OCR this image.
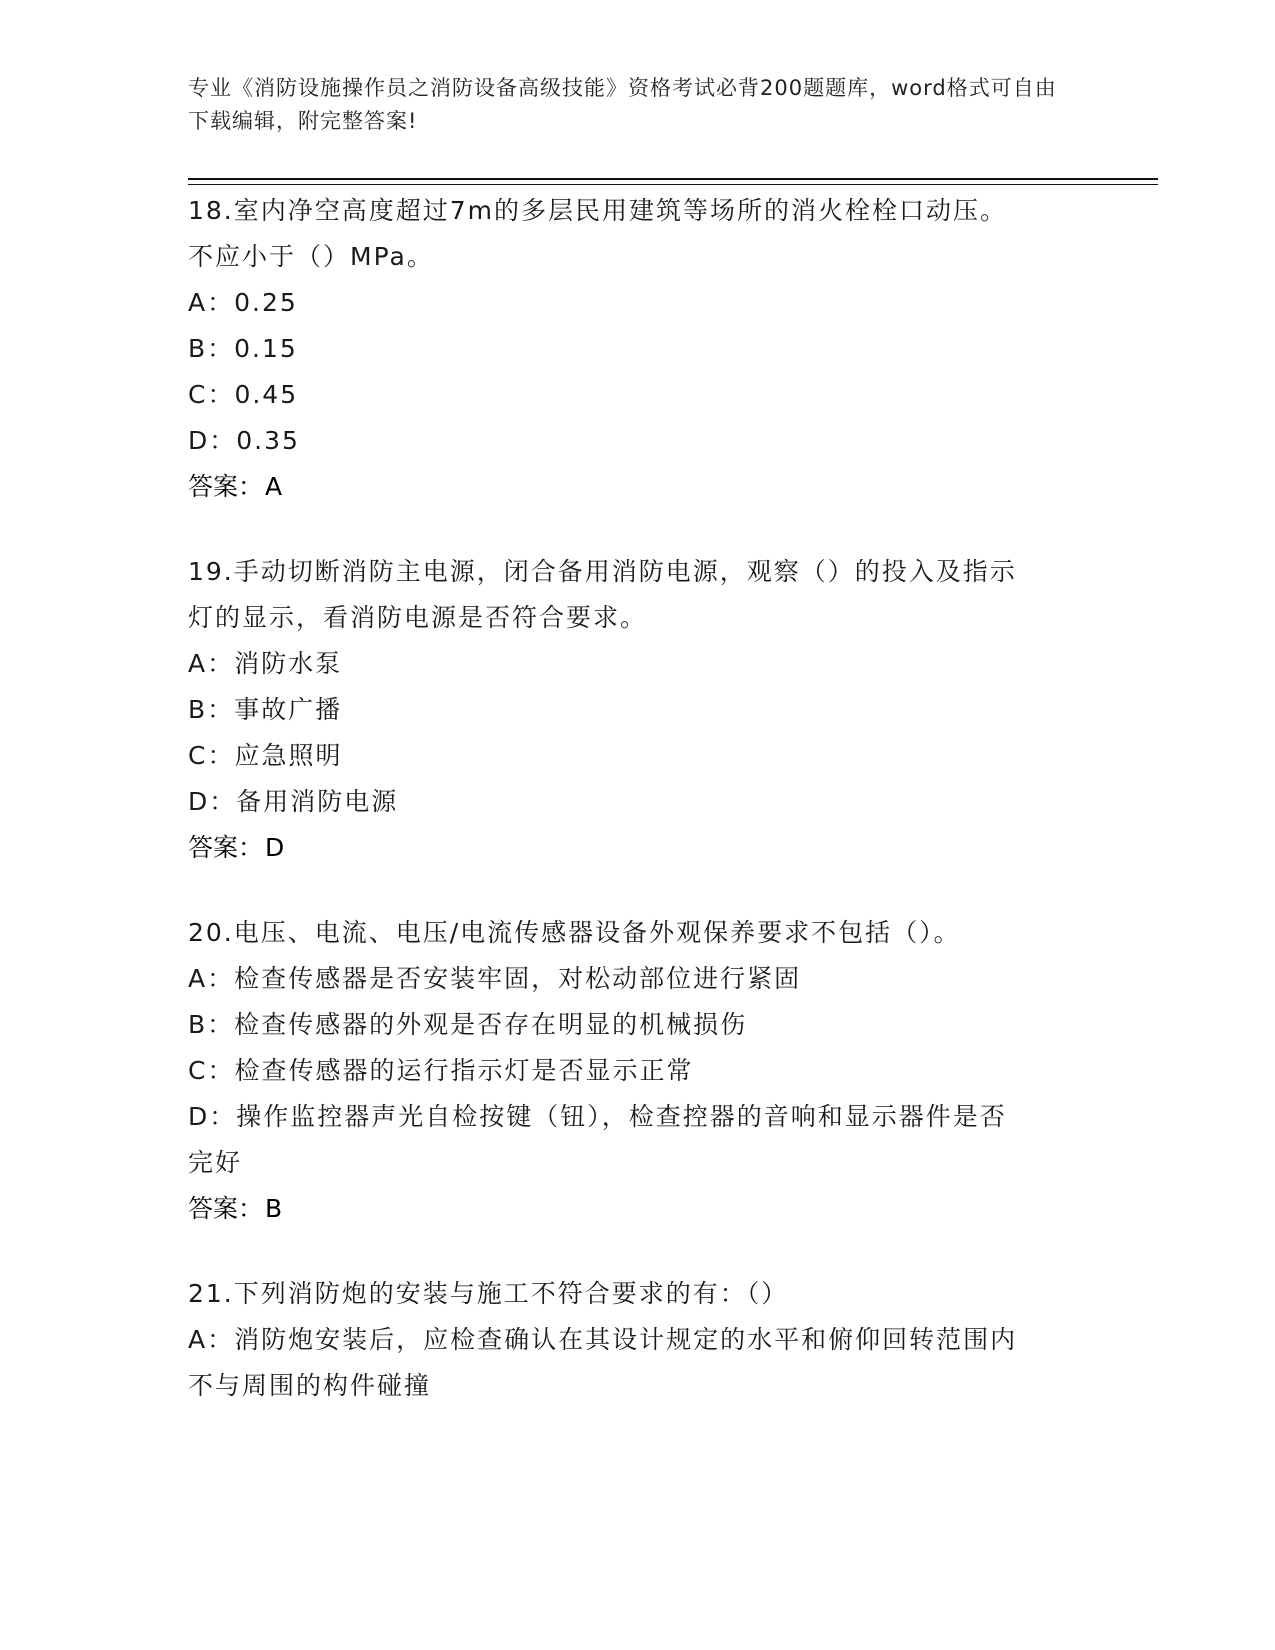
专业《消防设施操作员之消防设备高级技能》资格考试必背200题题库，word格式可自由下载编辑，附完整答案!
18.室内净空高度超过7m的多层民用建筑等场所的消火栓栓口动压。
不应小于（）MPa。
A：0.25
B：0.15
C：0.45
D：0.35
答案：A
19.手动切断消防主电源，闭合备用消防电源，观察（）的投入及指示
灯的显示，看消防电源是否符合要求。
A：消防水泵
B：事故广播
C：应急照明
D：备用消防电源
答案：D
20.电压、电流、电压/电流传感器设备外观保养要求不包括（）。
A：检查传感器是否安装牢固，对松动部位进行紧固
B：检查传感器的外观是否存在明显的机械损伤
C：检查传感器的运行指示灯是否显示正常
D：操作监控器声光自检按键（钮），检查控器的音响和显示器件是否
完好
答案：B
21.下列消防炮的安装与施工不符合要求的有：（）
A：消防炮安装后，应检查确认在其设计规定的水平和俯仰回转范围内
不与周围的构件碰撞
